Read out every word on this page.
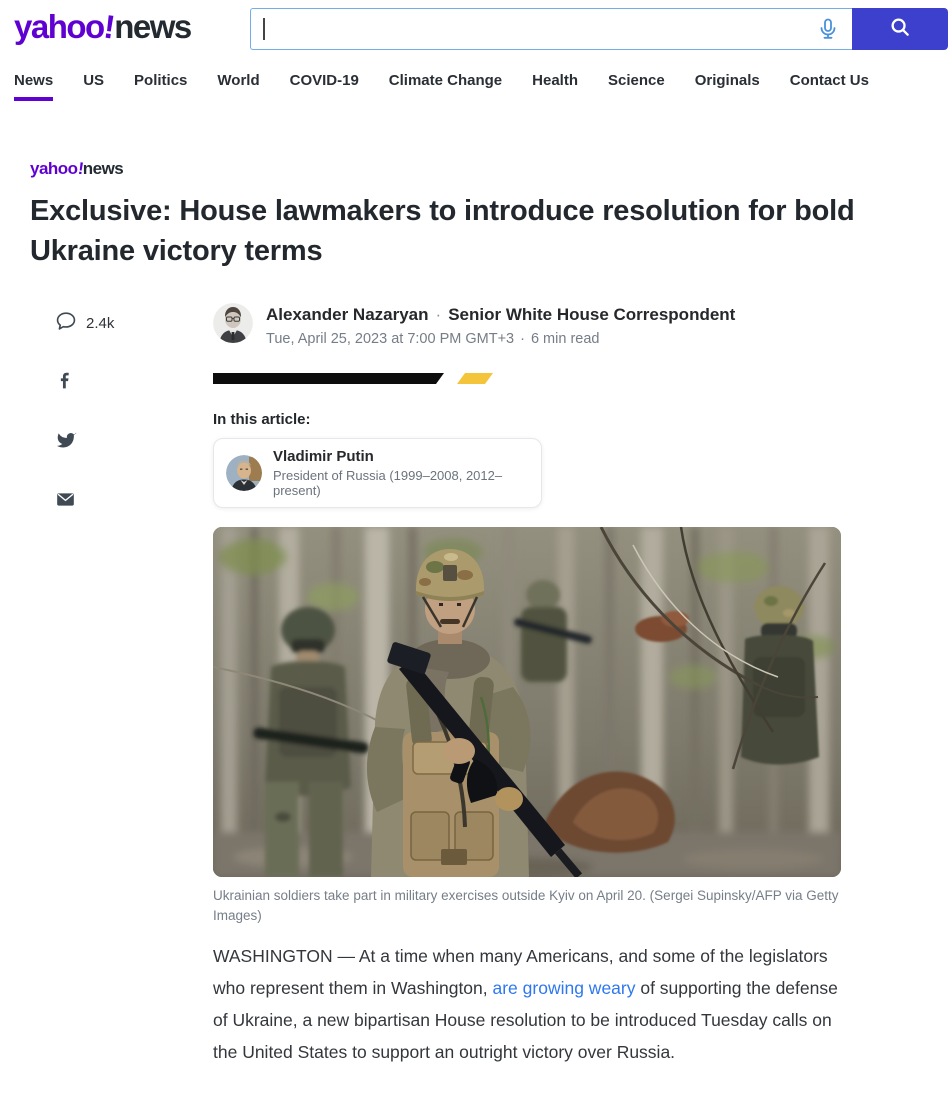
yahoo!news
News US Politics World COVID-19 Climate Change Health Science Originals Contact Us
yahoo!news
Exclusive: House lawmakers to introduce resolution for bold Ukraine victory terms
2.4k	Alexander Nazaryan · Senior White House Correspondent
Tue, April 25, 2023 at 7:00 PM GMT+3 · 6 min read
In this article:
Vladimir Putin
President of Russia (1999–2008, 2012–present)
Ukrainian soldiers take part in military exercises outside Kyiv on April 20. (Sergei Supinsky/AFP via Getty Images)

WASHINGTON — At a time when many Americans, and some of the legislators who represent them in Washington, are growing weary of supporting the defense of Ukraine, a new bipartisan House resolution to be introduced Tuesday calls on the United States to support an outright victory over Russia.
